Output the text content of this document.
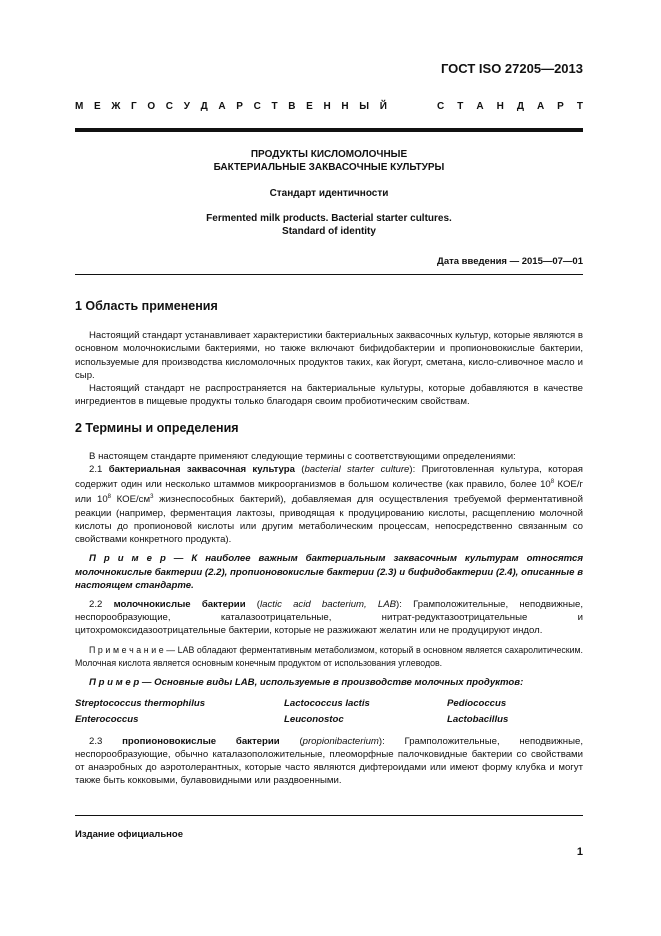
ГОСТ ISO 27205—2013
М Е Ж Г О С У Д А Р С Т В Е Н Н Ы Й	С Т А Н Д А Р Т
ПРОДУКТЫ КИСЛОМОЛОЧНЫЕ
БАКТЕРИАЛЬНЫЕ ЗАКВАСОЧНЫЕ КУЛЬТУРЫ
Стандарт идентичности
Fermented milk products. Bacterial starter cultures.
Standard of identity
Дата введения — 2015—07—01
1 Область применения

Настоящий стандарт устанавливает характеристики бактериальных заквасочных культур, которые являются в основном молочнокислыми бактериями, но также включают бифидобактерии и пропионовокислые бактерии, используемые для производства кисломолочных продуктов таких, как йогурт, сметана, кисло-сливочное масло и сыр.

Настоящий стандарт не распространяется на бактериальные культуры, которые добавляются в качестве ингредиентов в пищевые продукты только благодаря своим пробиотическим свойствам.

2 Термины и определения

В настоящем стандарте применяют следующие термины с соответствующими определениями:

2.1 бактериальная заквасочная культура (bacterial starter culture): Приготовленная культура, которая содержит один или несколько штаммов микроорганизмов в большом количестве (как правило, более $10^8$ КОЕ/г или $10^8$ КОЕ/$см^3$ жизнеспособных бактерий), добавляемая для осуществления требуемой ферментативной реакции (например, ферментация лактозы, приводящая к продуцированию кислоты, расщеплению молочной кислоты до пропионовой кислоты или другим метаболическим процессам, непосредственно связанным со свойствами конкретного продукта).

П р и м е р — К наиболее важным бактериальным заквасочным культурам относятся молочнокислые бактерии (2.2), пропионовокислые бактерии (2.3) и бифидобактерии (2.4), описанные в настоящем стандарте.

2.2 молочнокислые бактерии (lactic acid bacterium, LAB): Грамположительные, неподвижные, неспорообразующие, каталазоотрицательные, нитрат-редуктазоотрицательные и цитохромоксидазоотрицательные бактерии, которые не разжижают желатин или не продуцируют индол.

П р и м е ч а н и е — LAB обладают ферментативным метаболизмом, который в основном является сахаролитическим. Молочная кислота является основным конечным продуктом от использования углеводов.

П р и м е р — Основные виды LAB, используемые в производстве молочных продуктов:

Streptococcus thermophilus	Lactococcus lactis	Pediococcus
Enterococcus	Leuconostoc	Lactobacillus

2.3 пропионовокислые бактерии (propionibacterium): Грамположительные, неподвижные, неспорообразующие, обычно каталазоположительные, плеоморфные палочковидные бактерии со свойствами от анаэробных до аэротолерантных, которые часто являются дифтероидами или имеют форму клубка и могут также быть кокковыми, булавовидными или раздвоенными.

Издание официальное
1
